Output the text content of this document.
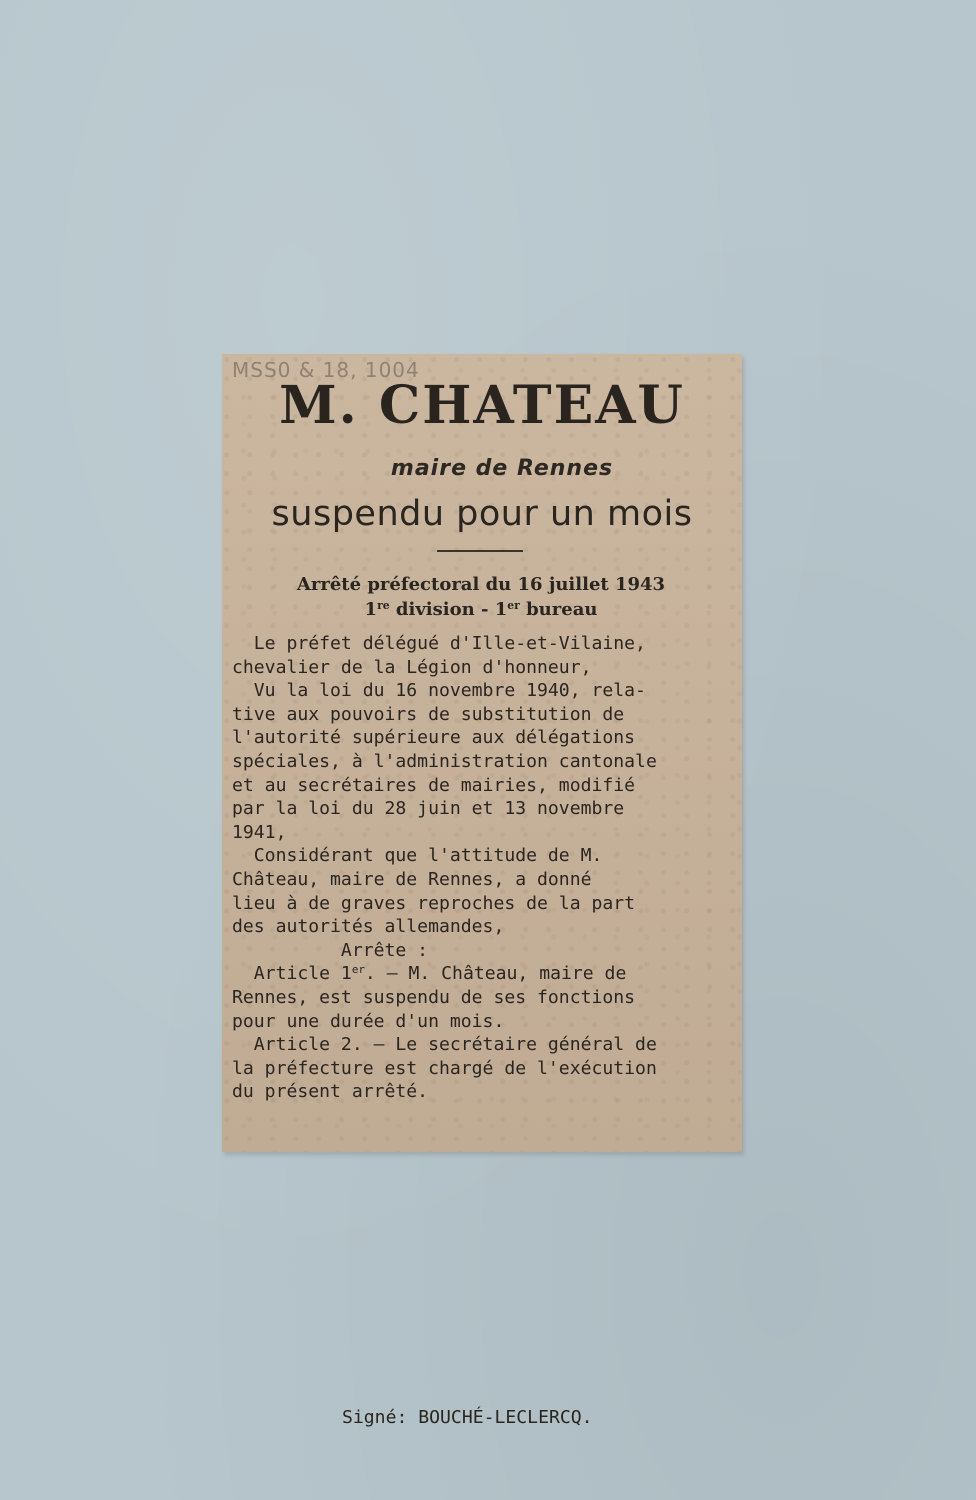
MSS0 & 18, 1004
M. CHATEAU
maire de Rennes
suspendu pour un mois
Arrêté préfectoral du 16 juillet 1943
1re division - 1er bureau
Le préfet délégué d'Ille-et-Vilaine,
chevalier de la Légion d'honneur,
Vu la loi du 16 novembre 1940, rela-
tive aux pouvoirs de substitution de
l'autorité supérieure aux délégations
spéciales, à l'administration cantonale
et au secrétaires de mairies, modifié
par la loi du 28 juin et 13 novembre
1941,
Considérant que l'attitude de M.
Château, maire de Rennes, a donné
lieu à de graves reproches de la part
des autorités allemandes,
Arrête :
Article 1er. — M. Château, maire de
Rennes, est suspendu de ses fonctions
pour une durée d'un mois.
Article 2. — Le secrétaire général de
la préfecture est chargé de l'exécution
du présent arrêté.
Signé: BOUCHÉ-LECLERCQ.
